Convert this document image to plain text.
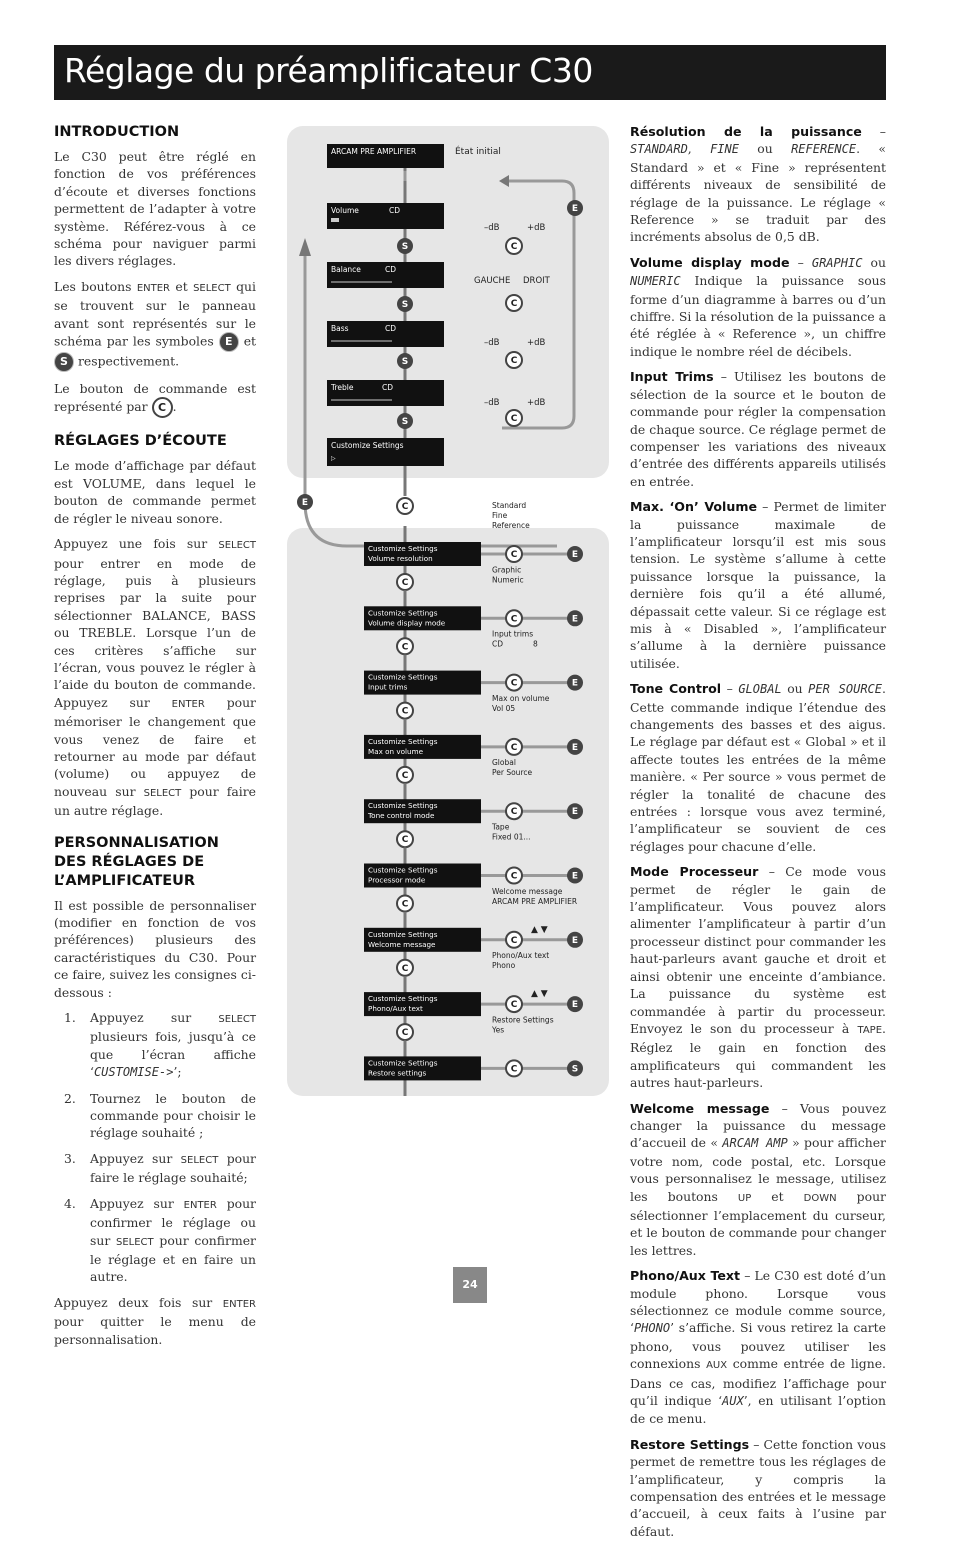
Réglage du préamplificateur C30
INTRODUCTION

Le C30 peut être réglé en fonction de vos préférences d’écoute et diverses fonctions permettent de l’adapter à votre système. Référez-vous à ce schéma pour naviguer parmi les divers réglages.

Les boutons ENTER et SELECT qui se trouvent sur le panneau avant sont représentés sur le schéma par les symboles E et S respectivement.

Le bouton de commande est représenté par C .

RÉGLAGES D’ÉCOUTE

Le mode d’affichage par défaut est VOLUME, dans lequel le bouton de commande permet de régler le niveau sonore.

Appuyez une fois sur SELECT pour entrer en mode de réglage, puis à plusieurs reprises par la suite pour sélectionner BALANCE, BASS ou TREBLE. Lorsque l’un de ces critères s’affiche sur l’écran, vous pouvez le régler à l’aide du bouton de commande. Appuyez sur ENTER pour mémoriser le changement que vous venez de faire et retourner au mode par défaut (volume) ou appuyez de nouveau sur SELECT pour faire un autre réglage.

PERSONNALISATION DES RÉGLAGES DE L’AMPLIFICATEUR

Il est possible de personnaliser (modifier en fonction de vos préférences) plusieurs des caractéristiques du C30. Pour ce faire, suivez les consignes ci-dessous :

1. Appuyez sur	SELECT plusieurs fois, jusqu’à ce que l’écran affiche ‘CUSTOMISE->’;
2. Tournez le bouton de commande pour choisir le réglage souhaité ;
3. Appuyez sur SELECT pour faire le réglage souhaité;
4. Appuyez sur ENTER pour confirmer le réglage ou sur SELECT pour confirmer le réglage et en faire un autre.

Appuyez deux fois sur ENTER pour quitter le menu de personnalisation.

ARCAM PRE AMPLIFIER	État initial
Volume	CD
Balance	CD
Bass	CD
Treble	CD
Customize Settings
▷
–dB	+dB
GAUCHE DROIT
–dB	+dB
–dB	+dB
S
S
S
S
C
C
C
C
E
E	C
Customize Settings
Volume resolution
Standard
Fine
Reference
C	E
C
Customize Settings
Volume display mode
Graphic
Numeric
C	E
C
Customize Settings
Input trims
Input trims
CD
C	E
C
Customize Settings
Max on volume
Max on volume
Vol 05
C	E
C
Customize Settings
Tone control mode
Global
Per Source
C	E
C
Customize Settings
Processor mode
Tape
Fixed 01...
C	E
C
Customize Settings
Welcome message
Welcome message
ARCAM PRE AMPLIFIER
C	E
C
Customize Settings
Phono/Aux text
Phono/Aux text
Phono
C	E
C
Customize Settings
Restore settings
Restore Settings
Yes
C	S
▲ ▼
▲ ▼
8

Résolution de la puissance – STANDARD, FINE ou REFERENCE. « Standard » et « Fine » représentent différents niveaux de sensibilité de réglage de la puissance. Le réglage « Reference » se traduit par des incréments absolus de 0,5 dB.

Volume display mode – GRAPHIC ou NUMERIC Indique la puissance sous forme d’un diagramme à barres ou d’un chiffre. Si la résolution de la puissance a été réglée à « Reference », un chiffre indique le nombre réel de décibels.

Input Trims – Utilisez les boutons de sélection de la source et le bouton de commande pour régler la compensation de chaque source. Ce réglage permet de compenser les variations des niveaux d’entrée des différents appareils utilisés en entrée.

Max. ‘On’ Volume – Permet de limiter la puissance maximale de l’amplificateur lorsqu’il est mis sous tension. Le système s’allume à cette puissance lorsque la puissance, la dernière fois qu’il a été allumé, dépassait cette valeur. Si ce réglage est mis à « Disabled », l’amplificateur s’allume à la dernière puissance utilisée.

Tone Control – GLOBAL ou PER SOURCE. Cette commande indique l’étendue des changements des basses et des aigus. Le réglage par défaut est « Global » et il affecte toutes les entrées de la même manière. « Per source » vous permet de régler la tonalité de chacune des entrées : lorsque vous avez terminé, l’amplificateur se souvient de ces réglages pour chacune d’elle.

Mode Processeur – Ce mode vous permet de régler le gain de l’amplificateur. Vous pouvez alors alimenter l’amplificateur à partir d’un processeur distinct pour commander les haut-parleurs avant gauche et droit et ainsi obtenir une enceinte d’ambiance. La puissance du système est commandée à partir du processeur. Envoyez le son du processeur à TAPE. Réglez le gain en fonction des amplificateurs qui commandent les autres haut-parleurs.

Welcome message – Vous pouvez changer la puissance du message d’accueil de « ARCAM AMP » pour afficher votre nom, code postal, etc. Lorsque vous personnalisez le message, utilisez les boutons UP et DOWN pour sélectionner l’emplacement du curseur, et le bouton de commande pour changer les lettres.

Phono/Aux Text – Le C30 est doté d’un module phono. Lorsque vous sélectionnez ce module comme source, ‘PHONO’ s’affiche. Si vous retirez la carte phono, vous pouvez utiliser les connexions AUX comme entrée de ligne. Dans ce cas, modifiez l’affichage pour qu’il indique ‘AUX’, en utilisant l’option de ce menu.

Restore Settings – Cette fonction vous permet de remettre tous les réglages de l’amplificateur, y compris la compensation des entrées et le message d’accueil, à ceux faits à l’usine par défaut.

24
